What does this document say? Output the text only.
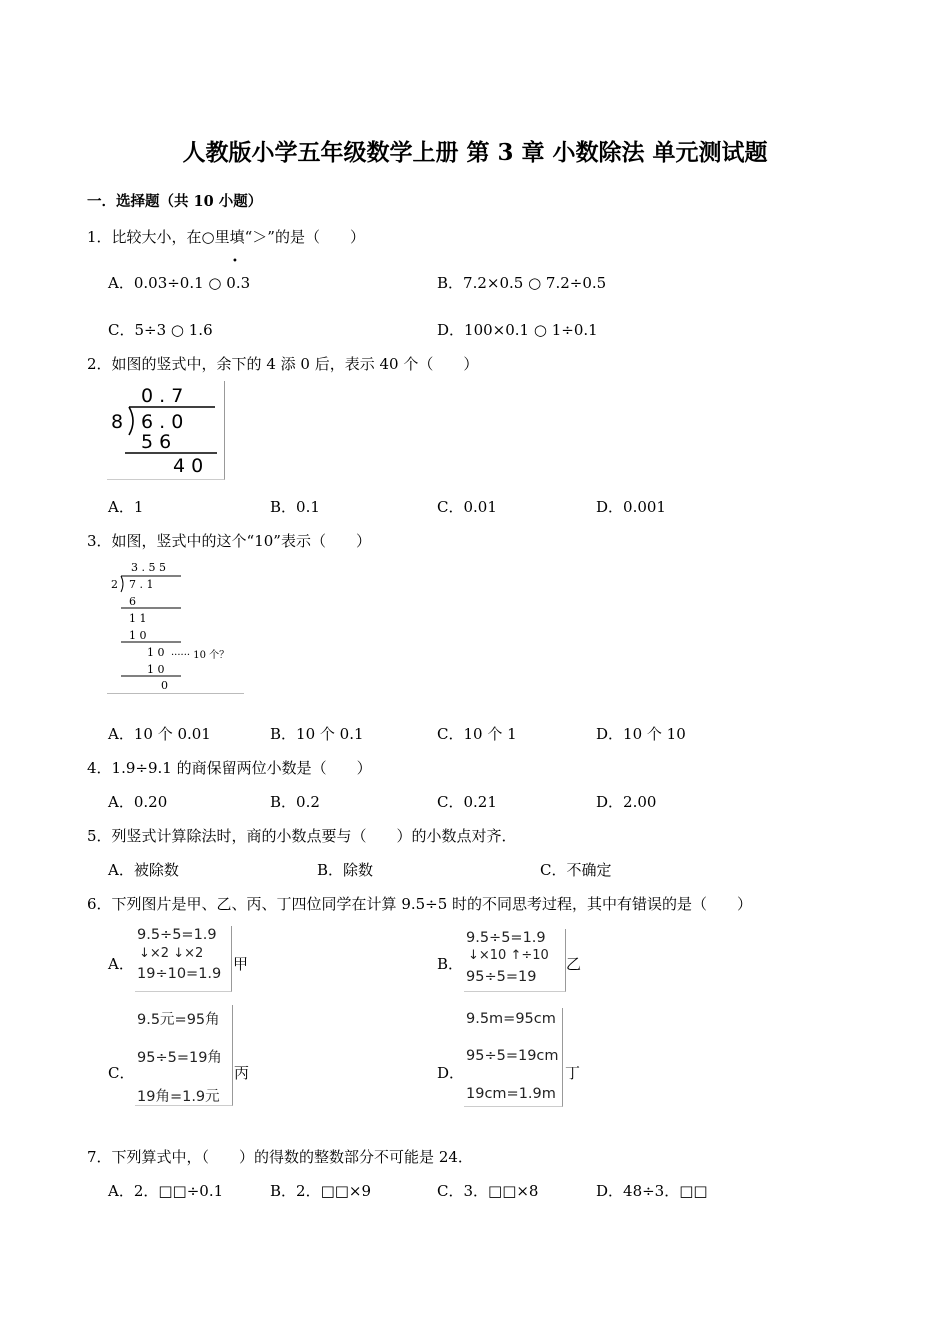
人教版小学五年级数学上册 第 3 章 小数除法 单元测试题
一．选择题（共 10 小题）
1．比较大小，在○里填“＞”的是（　　）
•
A．0.03÷0.1 ○ 0.3	B．7.2×0.5 ○ 7.2÷0.5
C．5÷3 ○ 1.6	D．100×0.1 ○ 1÷0.1
2．如图的竖式中，余下的 4 添 0 后，表示 40 个（　　）
0 . 7
8 6 . 0
5 6
4 0
A．1	B．0.1	C．0.01	D．0.001
3．如图，竖式中的这个“10”表示（　　）
3 . 5 5
2 7 . 1
6
1 1
1 0
1 0 ······ 10 个？
1 0
0
A．10 个 0.01	B．10 个 0.1	C．10 个 1	D．10 个 10
4．1.9÷9.1 的商保留两位小数是（　　）
A．0.20	B．0.2	C．0.21	D．2.00
5．列竖式计算除法时，商的小数点要与（　　）的小数点对齐．
A．被除数	B．除数	C．不确定
6．下列图片是甲、乙、丙、丁四位同学在计算 9.5÷5 时的不同思考过程，其中有错误的是（　　）
A．
9.5÷5=1.9
↓×2 ↓×2
19÷10=1.9
甲	B．
9.5÷5=1.9
↓×10 ↑÷10
95÷5=19
乙
C．
9.5元=95角
95÷5=19角
19角=1.9元
丙	D．
9.5m=95cm
95÷5=19cm
19cm=1.9m
丁
7．下列算式中，（　　）的得数的整数部分不可能是 24．
A．2．□□÷0.1	B．2．□□×9	C．3．□□×8	D．48÷3．□□
